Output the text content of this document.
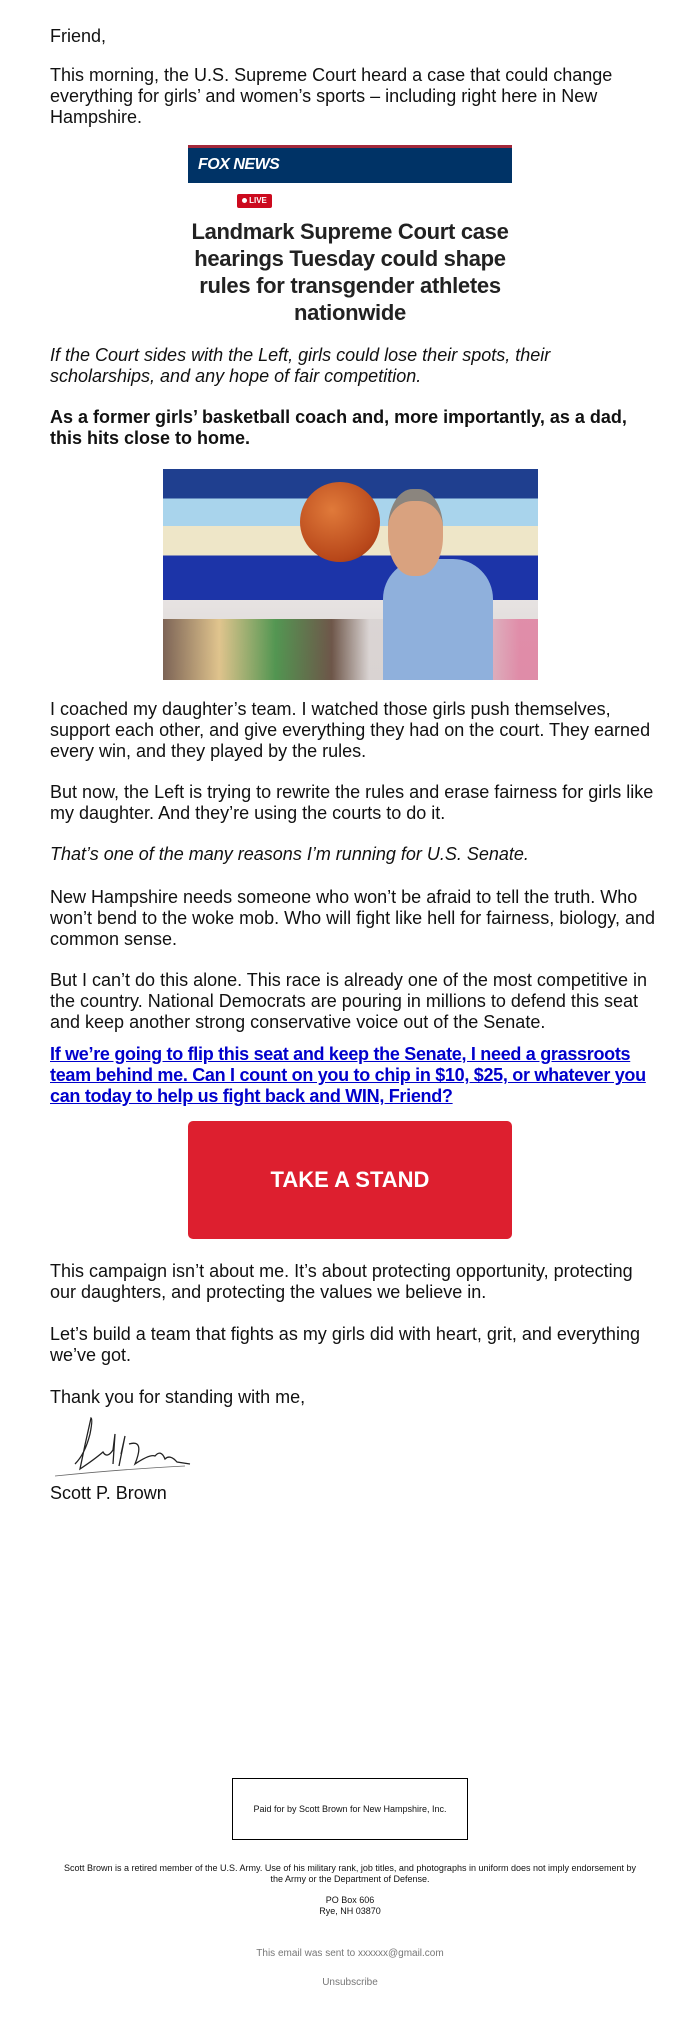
Friend,

This morning, the U.S. Supreme Court heard a case that could change everything for girls’ and women’s sports – including right here in New Hampshire.

FOX NEWS
LIVE
Landmark Supreme Court case hearings Tuesday could shape rules for transgender athletes nationwide

If the Court sides with the Left, girls could lose their spots, their scholarships, and any hope of fair competition.

As a former girls’ basketball coach and, more importantly, as a dad, this hits close to home.

I coached my daughter’s team. I watched those girls push themselves, support each other, and give everything they had on the court. They earned every win, and they played by the rules.

But now, the Left is trying to rewrite the rules and erase fairness for girls like my daughter. And they’re using the courts to do it.

That’s one of the many reasons I’m running for U.S. Senate.

New Hampshire needs someone who won’t be afraid to tell the truth. Who won’t bend to the woke mob. Who will fight like hell for fairness, biology, and common sense.

But I can’t do this alone. This race is already one of the most competitive in the country. National Democrats are pouring in millions to defend this seat and keep another strong conservative voice out of the Senate.

If we’re going to flip this seat and keep the Senate, I need a grassroots team behind me. Can I count on you to chip in $10, $25, or whatever you can today to help us fight back and WIN, Friend?

TAKE A STAND

This campaign isn’t about me. It’s about protecting opportunity, protecting our daughters, and protecting the values we believe in.

Let’s build a team that fights as my girls did with heart, grit, and everything we’ve got.

Thank you for standing with me,

Scott P. Brown

Paid for by Scott Brown for New Hampshire, Inc.
Scott Brown is a retired member of the U.S. Army. Use of his military rank, job titles, and photographs in uniform does not imply endorsement by the Army or the Department of Defense.
PO Box 606
Rye, NH 03870
This email was sent to xxxxxx@gmail.com
Unsubscribe
